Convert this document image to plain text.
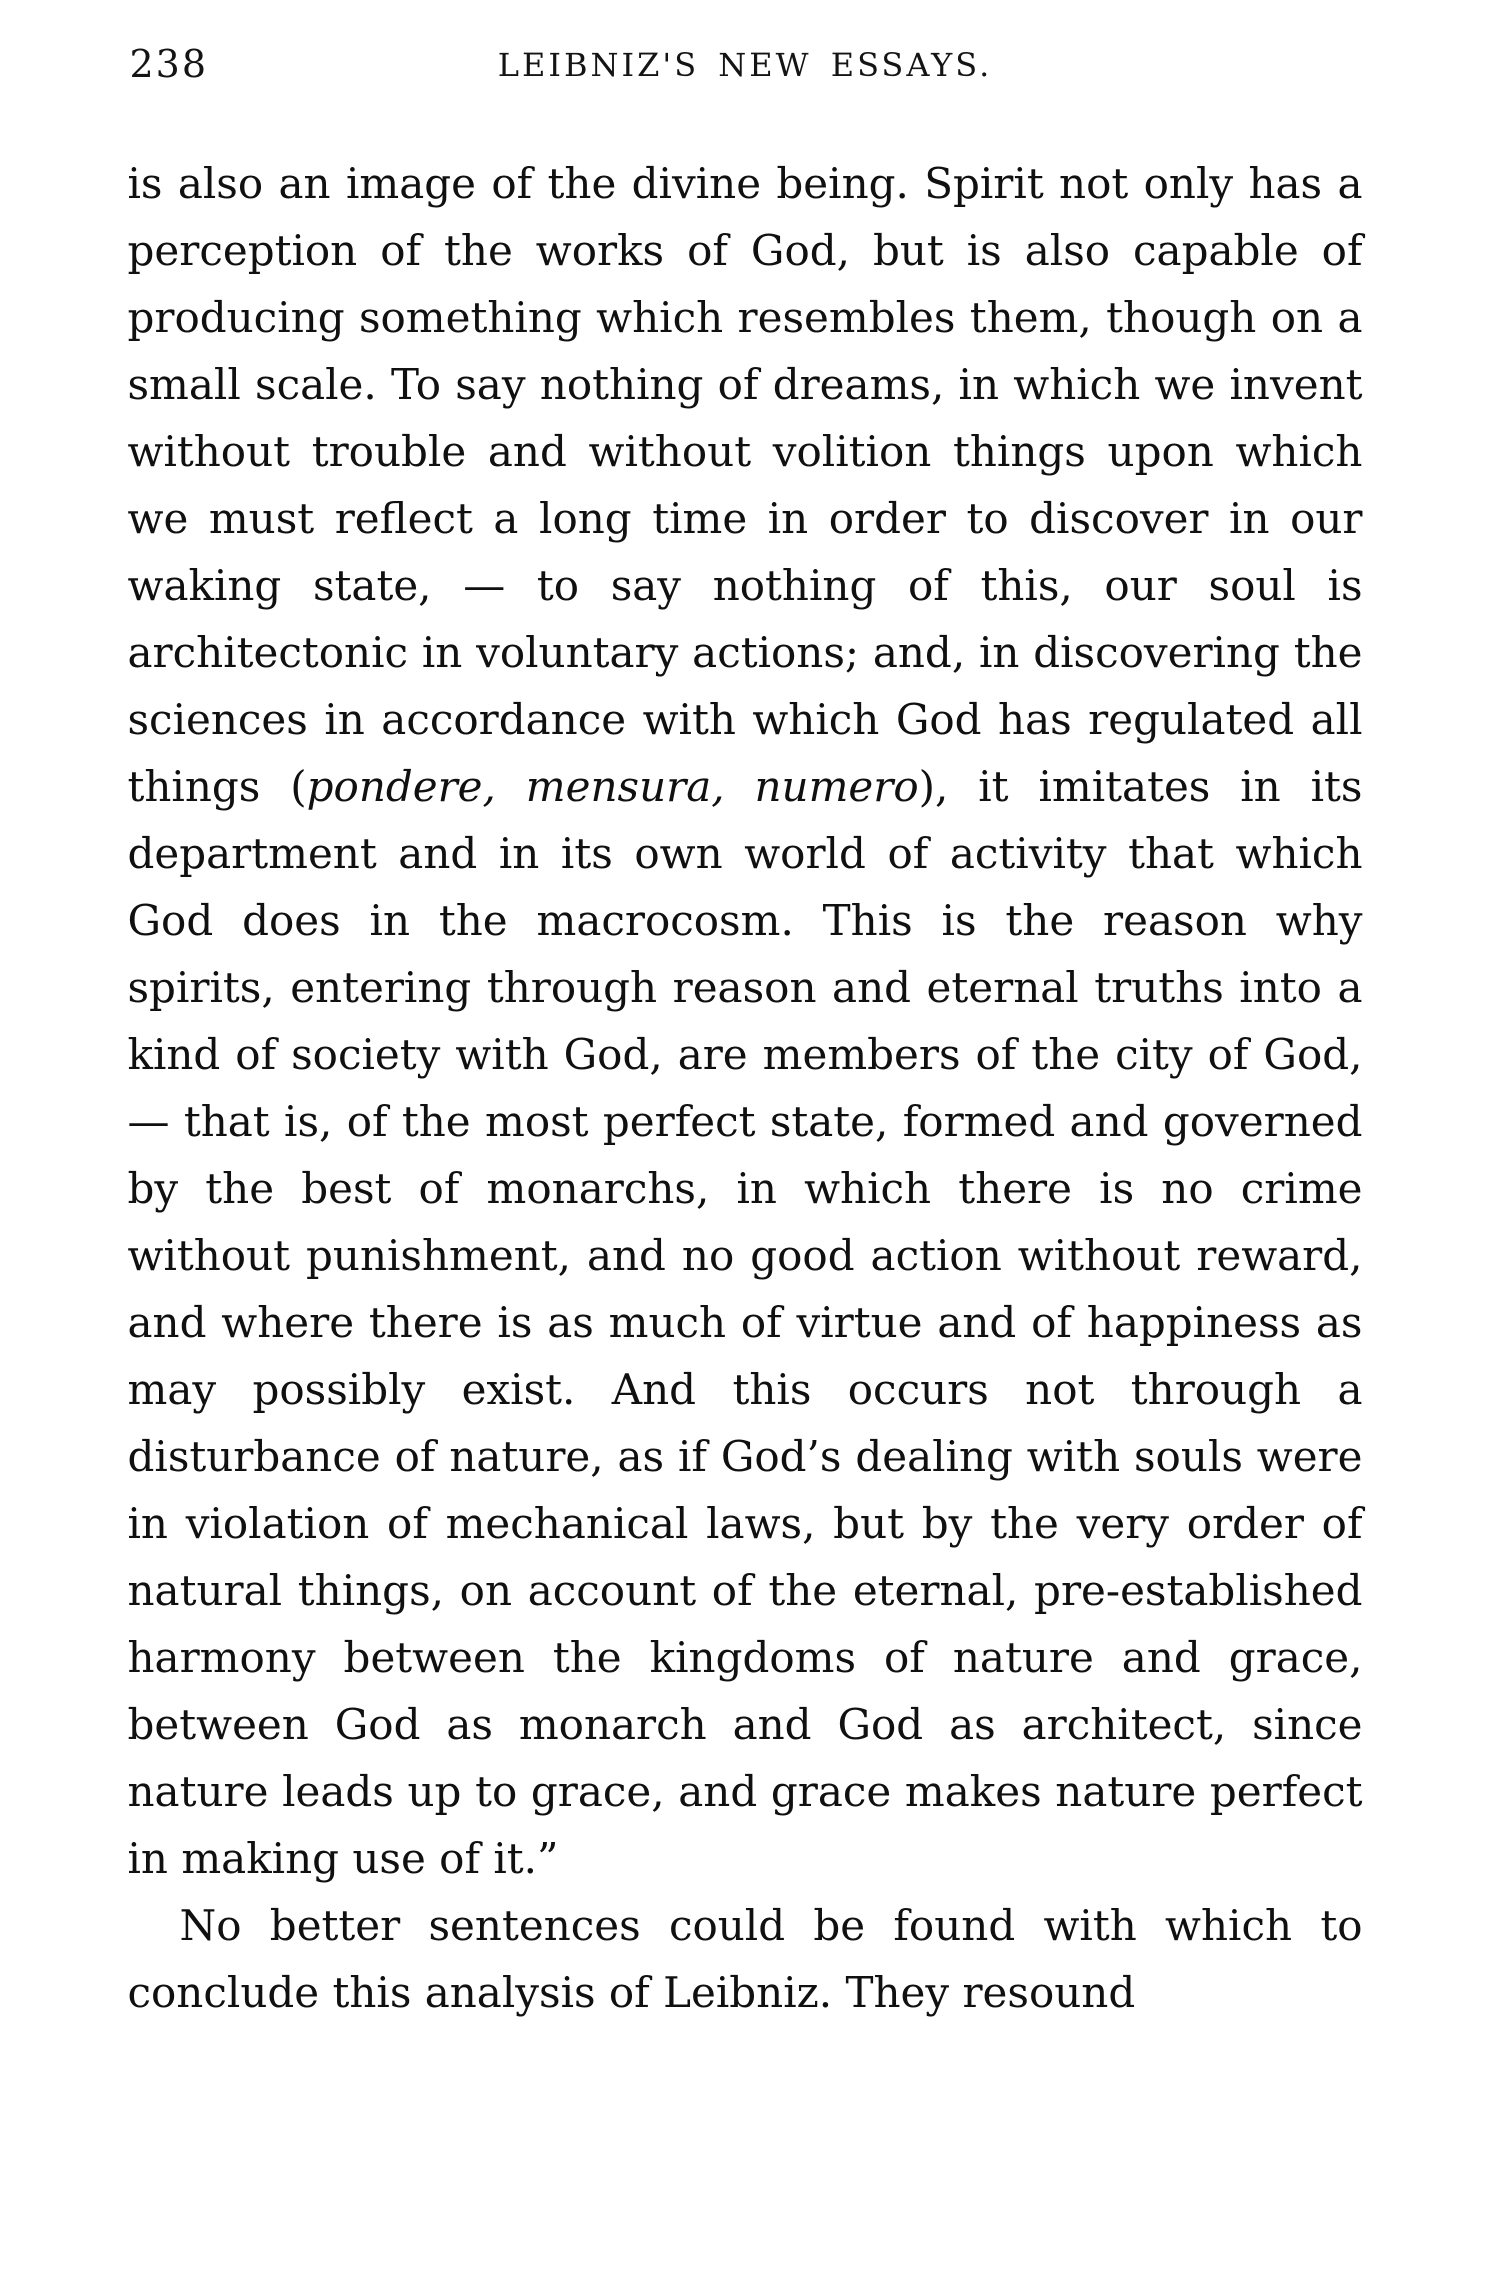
238	LEIBNIZ'S NEW ESSAYS.

is also an image of the divine being. Spirit not only has a perception of the works of God, but is also capable of producing something which resembles them, though on a small scale. To say nothing of dreams, in which we invent without trouble and without volition things upon which we must reflect a long time in order to discover in our waking state, — to say nothing of this, our soul is architectonic in voluntary actions; and, in discovering the sciences in accordance with which God has regulated all things (pondere, mensura, numero), it imitates in its department and in its own world of activity that which God does in the macrocosm. This is the reason why spirits, entering through reason and eternal truths into a kind of society with God, are members of the city of God, — that is, of the most perfect state, formed and governed by the best of monarchs, in which there is no crime without punishment, and no good action without reward, and where there is as much of virtue and of happiness as may possibly exist. And this occurs not through a disturbance of nature, as if God’s dealing with souls were in violation of mechanical laws, but by the very order of natural things, on account of the eternal, pre-established harmony between the kingdoms of nature and grace, between God as monarch and God as architect, since nature leads up to grace, and grace makes nature perfect in making use of it.”

No better sentences could be found with which to conclude this analysis of Leibniz. They resound
